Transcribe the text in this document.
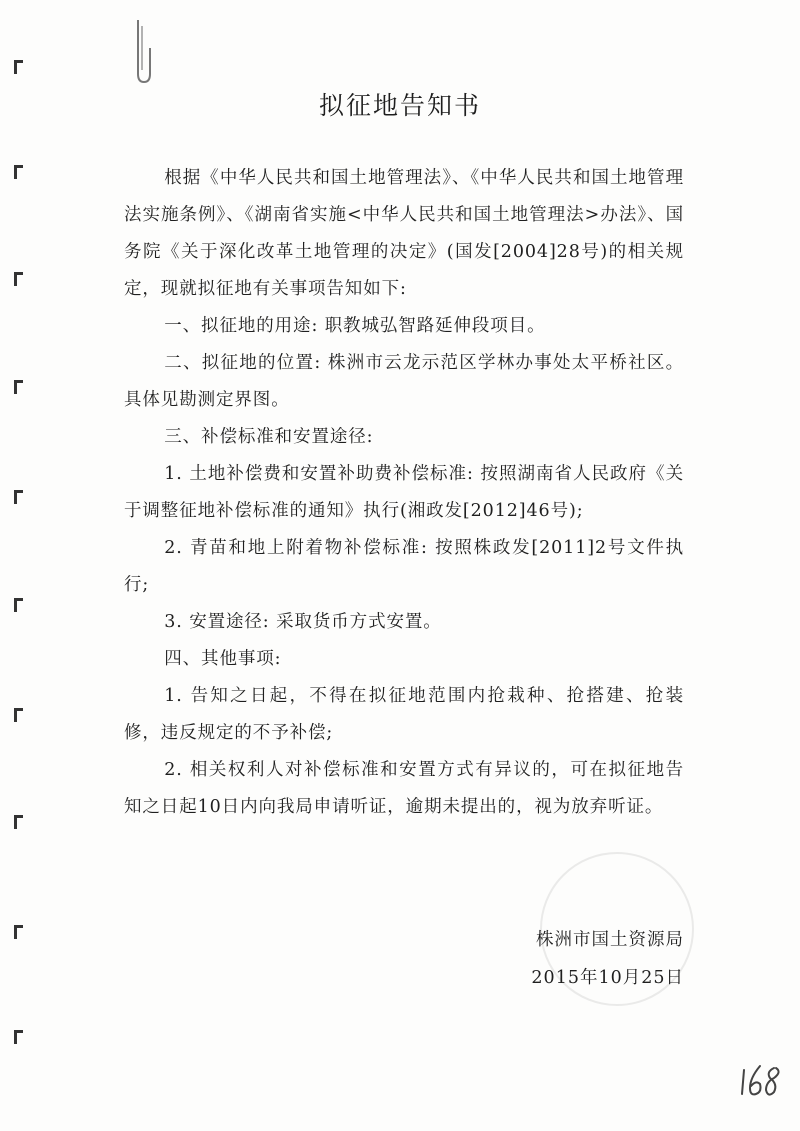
拟征地告知书

根据《中华人民共和国土地管理法》、《中华人民共和国土地管理法实施条例》、《湖南省实施<中华人民共和国土地管理法>办法》、国务院《关于深化改革土地管理的决定》(国发[2004]28号)的相关规定，现就拟征地有关事项告知如下:

一、拟征地的用途: 职教城弘智路延伸段项目。

二、拟征地的位置: 株洲市云龙示范区学林办事处太平桥社区。具体见勘测定界图。

三、补偿标准和安置途径:

1. 土地补偿费和安置补助费补偿标准: 按照湖南省人民政府《关于调整征地补偿标准的通知》执行(湘政发[2012]46号);

2. 青苗和地上附着物补偿标准: 按照株政发[2011]2号文件执行;

3. 安置途径: 采取货币方式安置。

四、其他事项:

1. 告知之日起，不得在拟征地范围内抢栽种、抢搭建、抢装修，违反规定的不予补偿;

2. 相关权利人对补偿标准和安置方式有异议的，可在拟征地告知之日起10日内向我局申请听证，逾期未提出的，视为放弃听证。

株洲市国土资源局
2015年10月25日
